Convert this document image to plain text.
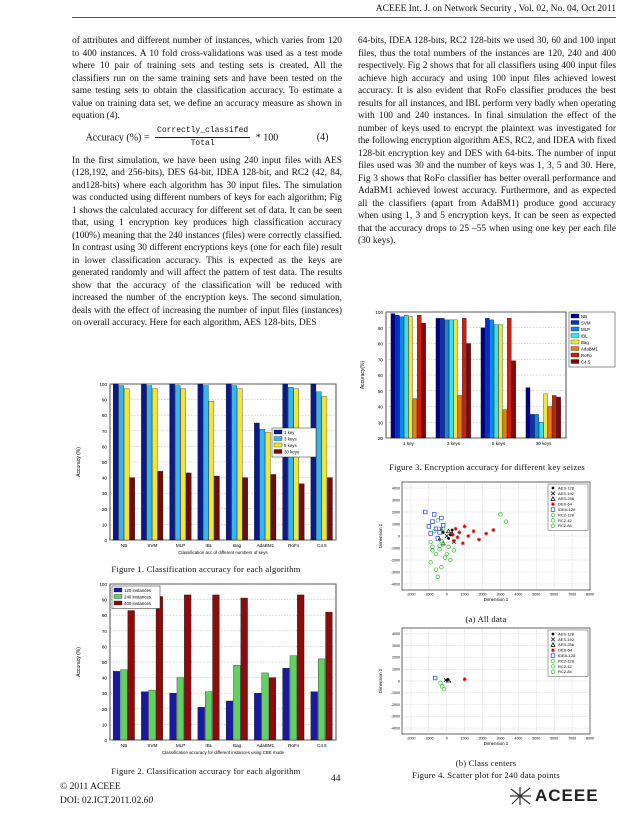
ACEEE Int. J. on Network Security , Vol. 02, No. 04, Oct 2011

of attributes and different number of instances, which varies from 120 to 400 instances. A 10 fold cross-validations was used as a test mode where 10 pair of training sets and testing sets is created. All the classifiers run on the same training sets and have been tested on the same testing sets to obtain the classification accuracy. To estimate a value on training data set, we define an accuracy measure as shown in equation (4).

Accuracy (%) = $\frac{\text{Correctly\_classifed}}{\text{Total}} * 100$	(4)

In the first simulation, we have been using 240 input files with AES (128,192, and 256-bits), DES 64-bit, IDEA 128-bit, and RC2 (42, 84, and128-bits) where each algorithm has 30 input files. The simulation was conducted using different numbers of keys for each algorithm; Fig 1 shows the calculated accuracy for different set of data. It can be seen that, using 1 encryption key produces high classification accuracy (100%) meaning that the 240 instances (files) were correctly classified. In contrast using 30 different encryptions keys (one for each file) result in lower classification accuracy. This is expected as the keys are generated randomly and will affect the pattern of test data. The results show that the accuracy of the classification will be reduced with increased the number of the encryption keys. The second simulation, deals with the effect of increasing the number of input files (instances) on overall accuracy. Here for each algorithm, AES 128-bits, DES

64-bits, IDEA 128-bits, RC2 128-bits we used 30, 60 and 100 input files, thus the total numbers of the instances are 120, 240 and 400 respectively. Fig 2 shows that for all classifiers using 400 input files achieve high accuracy and using 100 input files achieved lowest accuracy. It is also evident that RoFo classifier produces the best results for all instances, and IBL perform very badly when operating with 100 and 240 instances. In final simulation the effect of the number of keys used to encrypt the plaintext was investigated for the following encryption algorithm AES, RC2, and IDEA with fixed 128-bit encryption key and DES with 64-bits. The number of input files used was 30 and the number of keys was 1, 3, 5 and 30. Here, Fig 3 shows that RoFo classifier has better overall performance and AdaBM1 achieved lowest accuracy. Furthermore, and as expected all the classifiers (apart from AdaBM1) produce good accuracy when using 1, 3 and 5 encryption keys. It can be seen as expected that the accuracy drops to 25 –55 when using one key per each file (30 keys).

0
10
20
30
40
50
60
70
80
90
100
NB	SVM	MLP	IBL	Bag	AdaBM1	RoFo	C4.5
Classification acc of different numbers of keys
Accuracy (%)
1 key
3 keys
5 keys
30 keys
Figure 1. Classification accuracy for each algorithm
0
10
20
30
40
50
60
70
80
90
100
NB	SVM	MLP	IBL	Bag	AdaBM1	RoFo	C4.5
Classification accuracy for different instances using CBE mode
Accuracy (%)
120 instances
240 instances
400 instances
Figure 2. Classification accuracy for each algorithm
20
30
40
50
60
70
80
90
100
1 key	3 keys	5 keys	30 keys
Accuracy(%)
NB
SVM
MLP
IBL
Bag
AdaBM1
RoFo
C4.5
Figure 3. Encryption accuracy for different key seizes
-2000 -1000	0	1000	2000	3000	4000	5000	6000	7000	8000
-4000
-3000
-2000
-1000
0
1000
2000
3000
4000
Dimension 1
Dimension 2
AES-128
AES-192
AES-256
DES-64
IDEA-128
RC2-128
RC2-42
RC2-84
(a) All data
-2000 -1000	0	1000	2000	3000	4000	5000	6000	7000	8000
-4000
-3000
-2000
-1000
0
1000
2000
3000
4000
Dimension 1
Dimension 2
AES-128
AES-192
AES-256
DES-64
IDEA-128
RC2-128
RC2-42
RC2-84
(b) Class centers
Figure 4. Scatter plot for 240 data points
© 2011 ACEEE
DOI: 02.ICT.2011.02.60
44
ACEEE
